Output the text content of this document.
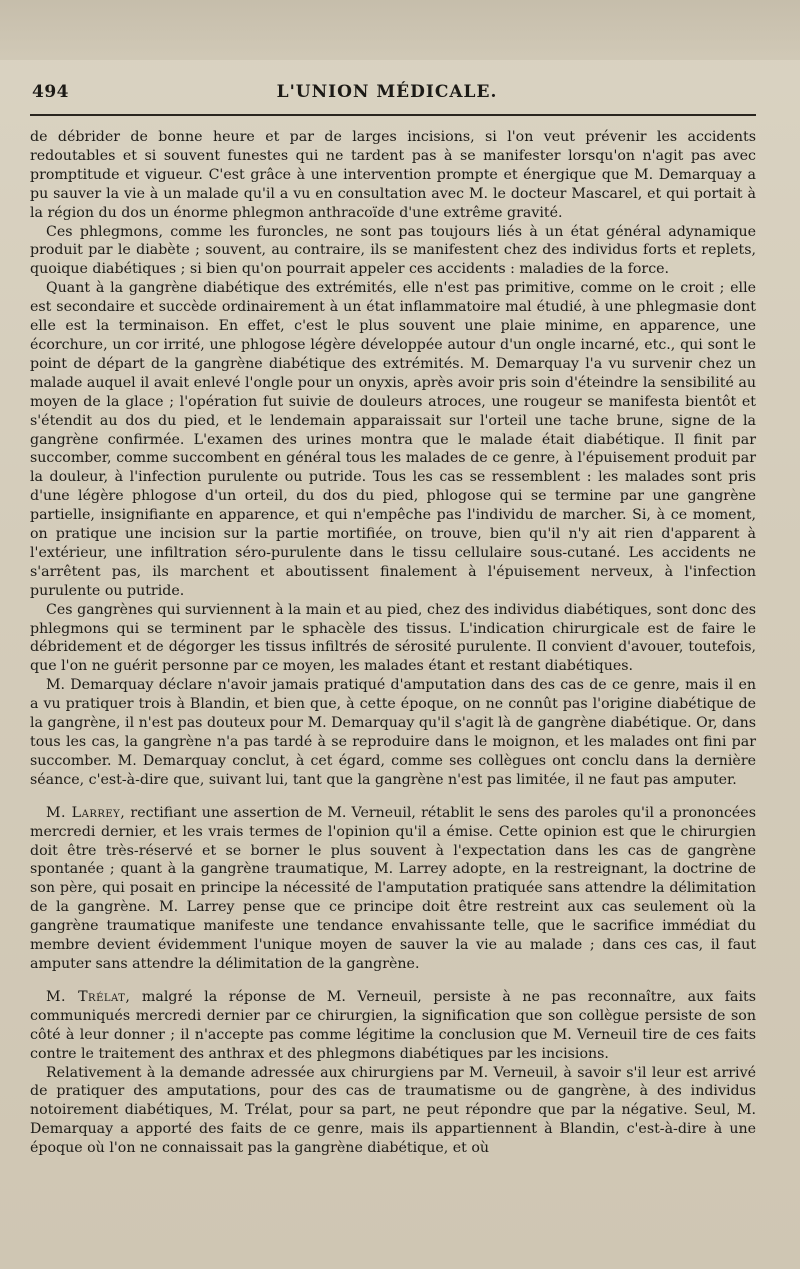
494	L'UNION MÉDICALE.

de débrider de bonne heure et par de larges incisions, si l'on veut prévenir les accidents redoutables et si souvent funestes qui ne tardent pas à se manifester lorsqu'on n'agit pas avec promptitude et vigueur. C'est grâce à une intervention prompte et énergique que M. Demarquay a pu sauver la vie à un malade qu'il a vu en consultation avec M. le docteur Mascarel, et qui portait à la région du dos un énorme phlegmon anthracoïde d'une extrême gravité.

Ces phlegmons, comme les furoncles, ne sont pas toujours liés à un état général adynamique produit par le diabète ; souvent, au contraire, ils se manifestent chez des individus forts et replets, quoique diabétiques ; si bien qu'on pourrait appeler ces accidents : maladies de la force.

Quant à la gangrène diabétique des extrémités, elle n'est pas primitive, comme on le croit ; elle est secondaire et succède ordinairement à un état inflammatoire mal étudié, à une phlegmasie dont elle est la terminaison. En effet, c'est le plus souvent une plaie minime, en apparence, une écorchure, un cor irrité, une phlogose légère développée autour d'un ongle incarné, etc., qui sont le point de départ de la gangrène diabétique des extrémités. M. Demarquay l'a vu survenir chez un malade auquel il avait enlevé l'ongle pour un onyxis, après avoir pris soin d'éteindre la sensibilité au moyen de la glace ; l'opération fut suivie de douleurs atroces, une rougeur se manifesta bientôt et s'étendit au dos du pied, et le lendemain apparaissait sur l'orteil une tache brune, signe de la gangrène confirmée. L'examen des urines montra que le malade était diabétique. Il finit par succomber, comme succombent en général tous les malades de ce genre, à l'épuisement produit par la douleur, à l'infection purulente ou putride. Tous les cas se ressemblent : les malades sont pris d'une légère phlogose d'un orteil, du dos du pied, phlogose qui se termine par une gangrène partielle, insignifiante en apparence, et qui n'empêche pas l'individu de marcher. Si, à ce moment, on pratique une incision sur la partie mortifiée, on trouve, bien qu'il n'y ait rien d'apparent à l'extérieur, une infiltration séro-purulente dans le tissu cellulaire sous-cutané. Les accidents ne s'arrêtent pas, ils marchent et aboutissent finalement à l'épuisement nerveux, à l'infection purulente ou putride.

Ces gangrènes qui surviennent à la main et au pied, chez des individus diabétiques, sont donc des phlegmons qui se terminent par le sphacèle des tissus. L'indication chirurgicale est de faire le débridement et de dégorger les tissus infiltrés de sérosité purulente. Il convient d'avouer, toutefois, que l'on ne guérit personne par ce moyen, les malades étant et restant diabétiques.

M. Demarquay déclare n'avoir jamais pratiqué d'amputation dans des cas de ce genre, mais il en a vu pratiquer trois à Blandin, et bien que, à cette époque, on ne connût pas l'origine diabétique de la gangrène, il n'est pas douteux pour M. Demarquay qu'il s'agit là de gangrène diabétique. Or, dans tous les cas, la gangrène n'a pas tardé à se reproduire dans le moignon, et les malades ont fini par succomber. M. Demarquay conclut, à cet égard, comme ses collègues ont conclu dans la dernière séance, c'est-à-dire que, suivant lui, tant que la gangrène n'est pas limitée, il ne faut pas amputer.

M. Larrey, rectifiant une assertion de M. Verneuil, rétablit le sens des paroles qu'il a prononcées mercredi dernier, et les vrais termes de l'opinion qu'il a émise. Cette opinion est que le chirurgien doit être très-réservé et se borner le plus souvent à l'expectation dans les cas de gangrène spontanée ; quant à la gangrène traumatique, M. Larrey adopte, en la restreignant, la doctrine de son père, qui posait en principe la nécessité de l'amputation pratiquée sans attendre la délimitation de la gangrène. M. Larrey pense que ce principe doit être restreint aux cas seulement où la gangrène traumatique manifeste une tendance envahissante telle, que le sacrifice immédiat du membre devient évidemment l'unique moyen de sauver la vie au malade ; dans ces cas, il faut amputer sans attendre la délimitation de la gangrène.

M. Trélat, malgré la réponse de M. Verneuil, persiste à ne pas reconnaître, aux faits communiqués mercredi dernier par ce chirurgien, la signification que son collègue persiste de son côté à leur donner ; il n'accepte pas comme légitime la conclusion que M. Verneuil tire de ces faits contre le traitement des anthrax et des phlegmons diabétiques par les incisions.

Relativement à la demande adressée aux chirurgiens par M. Verneuil, à savoir s'il leur est arrivé de pratiquer des amputations, pour des cas de traumatisme ou de gangrène, à des individus notoirement diabétiques, M. Trélat, pour sa part, ne peut répondre que par la négative. Seul, M. Demarquay a apporté des faits de ce genre, mais ils appartiennent à Blandin, c'est-à-dire à une époque où l'on ne connaissait pas la gangrène diabétique, et où
